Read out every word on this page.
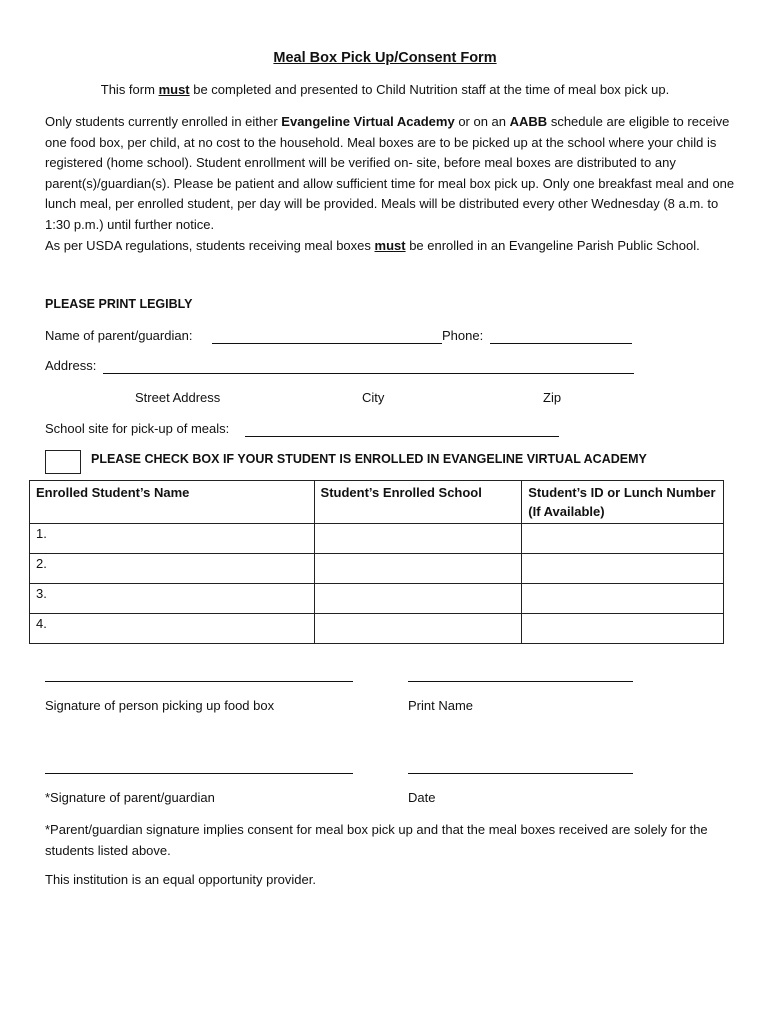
Meal Box Pick Up/Consent Form
This form must be completed and presented to Child Nutrition staff at the time of meal box pick up.
Only students currently enrolled in either Evangeline Virtual Academy or on an AABB schedule are eligible to receive one food box, per child, at no cost to the household. Meal boxes are to be picked up at the school where your child is registered (home school). Student enrollment will be verified on- site, before meal boxes are distributed to any parent(s)/guardian(s). Please be patient and allow sufficient time for meal box pick up. Only one breakfast meal and one lunch meal, per enrolled student, per day will be provided. Meals will be distributed every other Wednesday (8 a.m. to 1:30 p.m.) until further notice.
As per USDA regulations, students receiving meal boxes must be enrolled in an Evangeline Parish Public School.
PLEASE PRINT LEGIBLY
Name of parent/guardian:	Phone:
Address:
Street Address	City	Zip
School site for pick-up of meals:
PLEASE CHECK BOX IF YOUR STUDENT IS ENROLLED IN EVANGELINE VIRTUAL ACADEMY
Enrolled Student’s Name	Student’s Enrolled School	Student’s ID or Lunch Number (If Available)
1.		
2.		
3.		
4.		
Signature of person picking up food box	Print Name
*Signature of parent/guardian	Date
*Parent/guardian signature implies consent for meal box pick up and that the meal boxes received are solely for the students listed above.
This institution is an equal opportunity provider.
